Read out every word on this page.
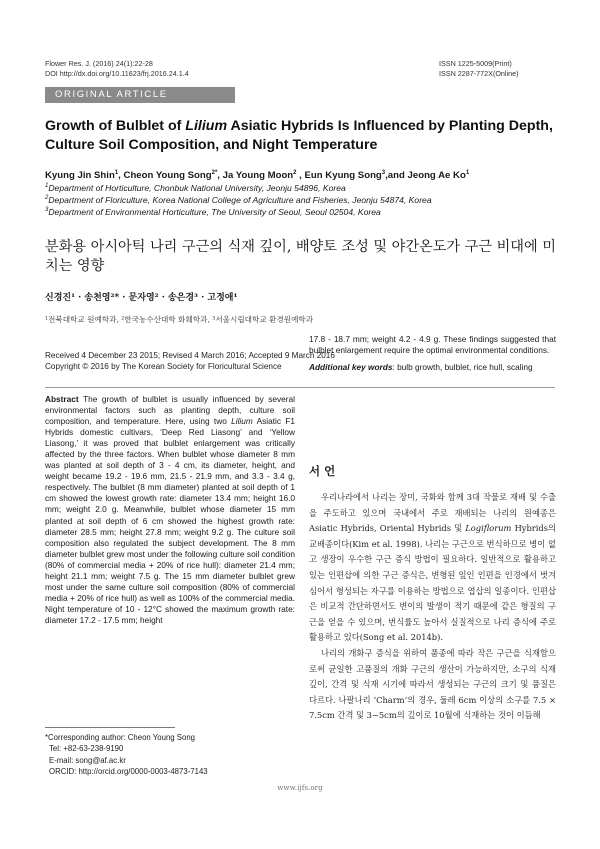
Flower Res. J. (2016) 24(1):22-28
DOI http://dx.doi.org/10.11623/frj.2016.24.1.4
ISSN 1225-5009(Print)
ISSN 2287-772X(Online)
ORIGINAL ARTICLE
Growth of Bulblet of Lilium Asiatic Hybrids Is Influenced by Planting Depth, Culture Soil Composition, and Night Temperature
Kyung Jin Shin$^1$, Cheon Young Song$^{2*}$, Ja Young Moon$^2$ , Eun Kyung Song$^3$,and Jeong Ae Ko$^1$
$^1$Department of Horticulture, Chonbuk National University, Jeonju 54896, Korea
$^2$Department of Floriculture, Korea National College of Agriculture and Fisheries, Jeonju 54874, Korea
$^3$Department of Environmental Horticulture, The University of Seoul, Seoul 02504, Korea
분화용 아시아틱 나리 구근의 식재 깊이, 배양토 조성 및 야간온도가 구근 비대에 미치는 영향
신경진¹ · 송천영²* · 문자영² · 송은경³ · 고정애¹
¹전북대학교 원예학과, ²한국농수산대학 화훼학과, ³서울시립대학교 환경원예학과
Received 4 December 23 2015; Revised 4 March 2016; Accepted 9 March 2016
Copyright © 2016 by The Korean Society for Floricultural Science
Abstract The growth of bulblet is usually influenced by several environmental factors such as planting depth, culture soil composition, and temperature. Here, using two Lilium Asiatic F1 Hybrids domestic cultivars, ‘Deep Red Liasong’ and ‘Yellow Liasong,’ it was proved that bulblet enlargement was critically affected by the three factors. When bulblet whose diameter 8 mm was planted at soil depth of 3 - 4 cm, its diameter, height, and weight became 19.2 - 19.6 mm, 21.5 - 21.9 mm, and 3.3 - 3.4 g, respectively. The bulblet (8 mm diameter) planted at soil depth of 1 cm showed the lowest growth rate: diameter 13.4 mm; height 16.0 mm; weight 2.0 g. Meanwhile, bulblet whose diameter 15 mm planted at soil depth of 6 cm showed the highest growth rate: diameter 28.5 mm; height 27.8 mm; weight 9.2 g. The culture soil composition also regulated the subject development. The 8 mm diameter bulblet grew most under the following culture soil condition (80% of commercial media + 20% of rice hull): diameter 21.4 mm; height 21.1 mm; weight 7.5 g. The 15 mm diameter bulblet grew most under the same culture soil composition (80% of commercial media + 20% of rice hull) as well as 100% of the commercial media. Night temperature of 10 - 12°C showed the maximum growth rate: diameter 17.2 - 17.5 mm; height
17.8 - 18.7 mm; weight 4.2 - 4.9 g. These findings suggested that bulblet enlargement require the optimal environmental conditions.
Additional key words: bulb growth, bulblet, rice hull, scaling
서 언
우리나라에서 나리는 장미, 국화와 함께 3대 작물로 재배 및 수출을 주도하고 있으며 국내에서 주로 재배되는 나리의 원예종은 Asiatic Hybrids, Oriental Hybrids 및 Logiflorum Hybrids의 교배종이다(Kim et al. 1998). 나리는 구근으로 번식하므로 병이 없고 생장이 우수한 구근 증식 방법이 필요하다. 일반적으로 활용하고 있는 인편삽에 의한 구근 증식은, 변형된 잎인 인편을 인경에서 벗겨 심어서 형성되는 자구를 이용하는 방법으로 엽삽의 일종이다. 인편삽은 비교적 간단하면서도 변이의 발생이 적기 때문에 같은 형질의 구근을 얻을 수 있으며, 번식률도 높아서 실질적으로 나리 증식에 주로 활용하고 있다(Song et al. 2014b).
나리의 개화구 증식을 위하여 품종에 따라 작은 구근을 식재함으로써 균일한 고품질의 개화 구근의 생산이 가능하지만, 소구의 식재 깊이, 간격 및 식재 시기에 따라서 생성되는 구근의 크기 및 품질은 다르다. 나팔나리 ‘Charm’의 경우, 둘레 6cm 이상의 소구를 7.5 × 7.5cm 간격 및 3~5cm의 깊이로 10월에 식재하는 것이 이듬해
*Corresponding author: Cheon Young Song
Tel: +82-63-238-9190
E-mail: song@af.ac.kr
ORCID: http://orcid.org/0000-0003-4873-7143
www.ijfs.org
